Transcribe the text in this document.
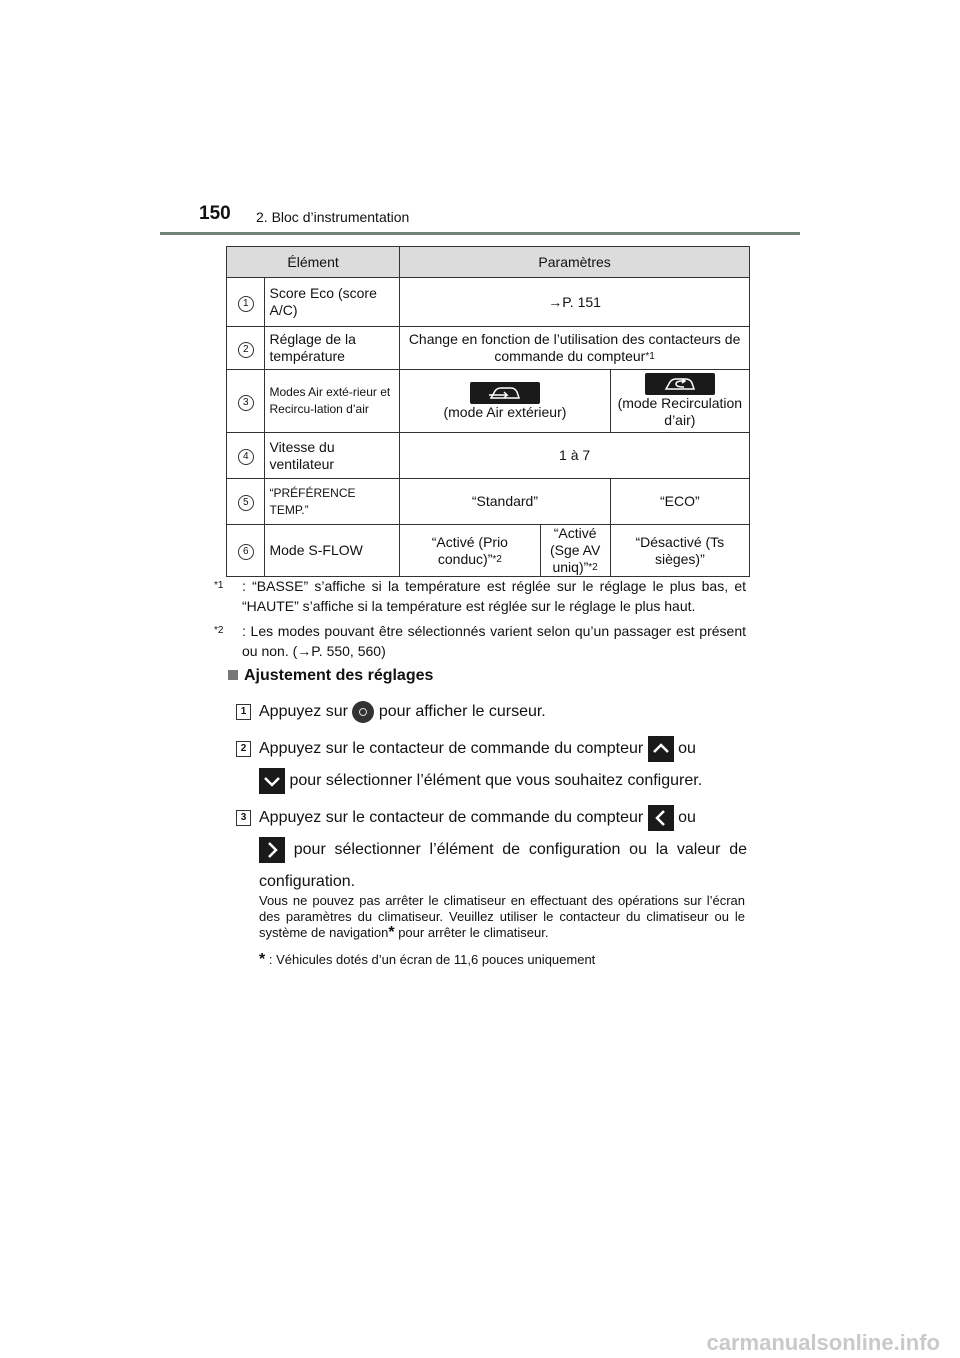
150 2. Bloc d’instrumentation
Élément		Paramètres		
1	Score Eco (score A/C)	→P. 151		
2	Réglage de la température	Change en fonction de l’utilisation des contacteurs de commande du compteur$^{*1}$
3	Modes Air exté-rieur et Recircu-lation d’air	(mode Air extérieur)		(mode Recirculation d’air)
4	Vitesse du ventilateur	1 à 7		
5	“PRÉFÉRENCE TEMP.”	“Standard”		“ECO”
6	Mode S-FLOW	“Activé (Prio conduc)”$^{*2}$	“Activé (Sge AV uniq)”$^{*2}$	“Désactivé (Ts sièges)”
*1 : “BASSE” s’affiche si la température est réglée sur le réglage le plus bas, et “HAUTE” s’affiche si la température est réglée sur le réglage le plus haut.
*2 : Les modes pouvant être sélectionnés varient selon qu’un passager est présent ou non. (→P. 550, 560)
Ajustement des réglages
1 Appuyez sur pour afficher le curseur.
2 Appuyez sur le contacteur de commande du compteur ou

pour sélectionner l’élément que vous souhaitez configurer.
3 Appuyez sur le contacteur de commande du compteur ou

pour sélectionner l’élément de configuration ou la valeur de configuration.
Vous ne pouvez pas arrêter le climatiseur en effectuant des opérations sur l’écran des paramètres du climatiseur. Veuillez utiliser le contacteur du climatiseur ou le système de navigation* pour arrêter le climatiseur.
* : Véhicules dotés d’un écran de 11,6 pouces uniquement
carmanualsonline.info
